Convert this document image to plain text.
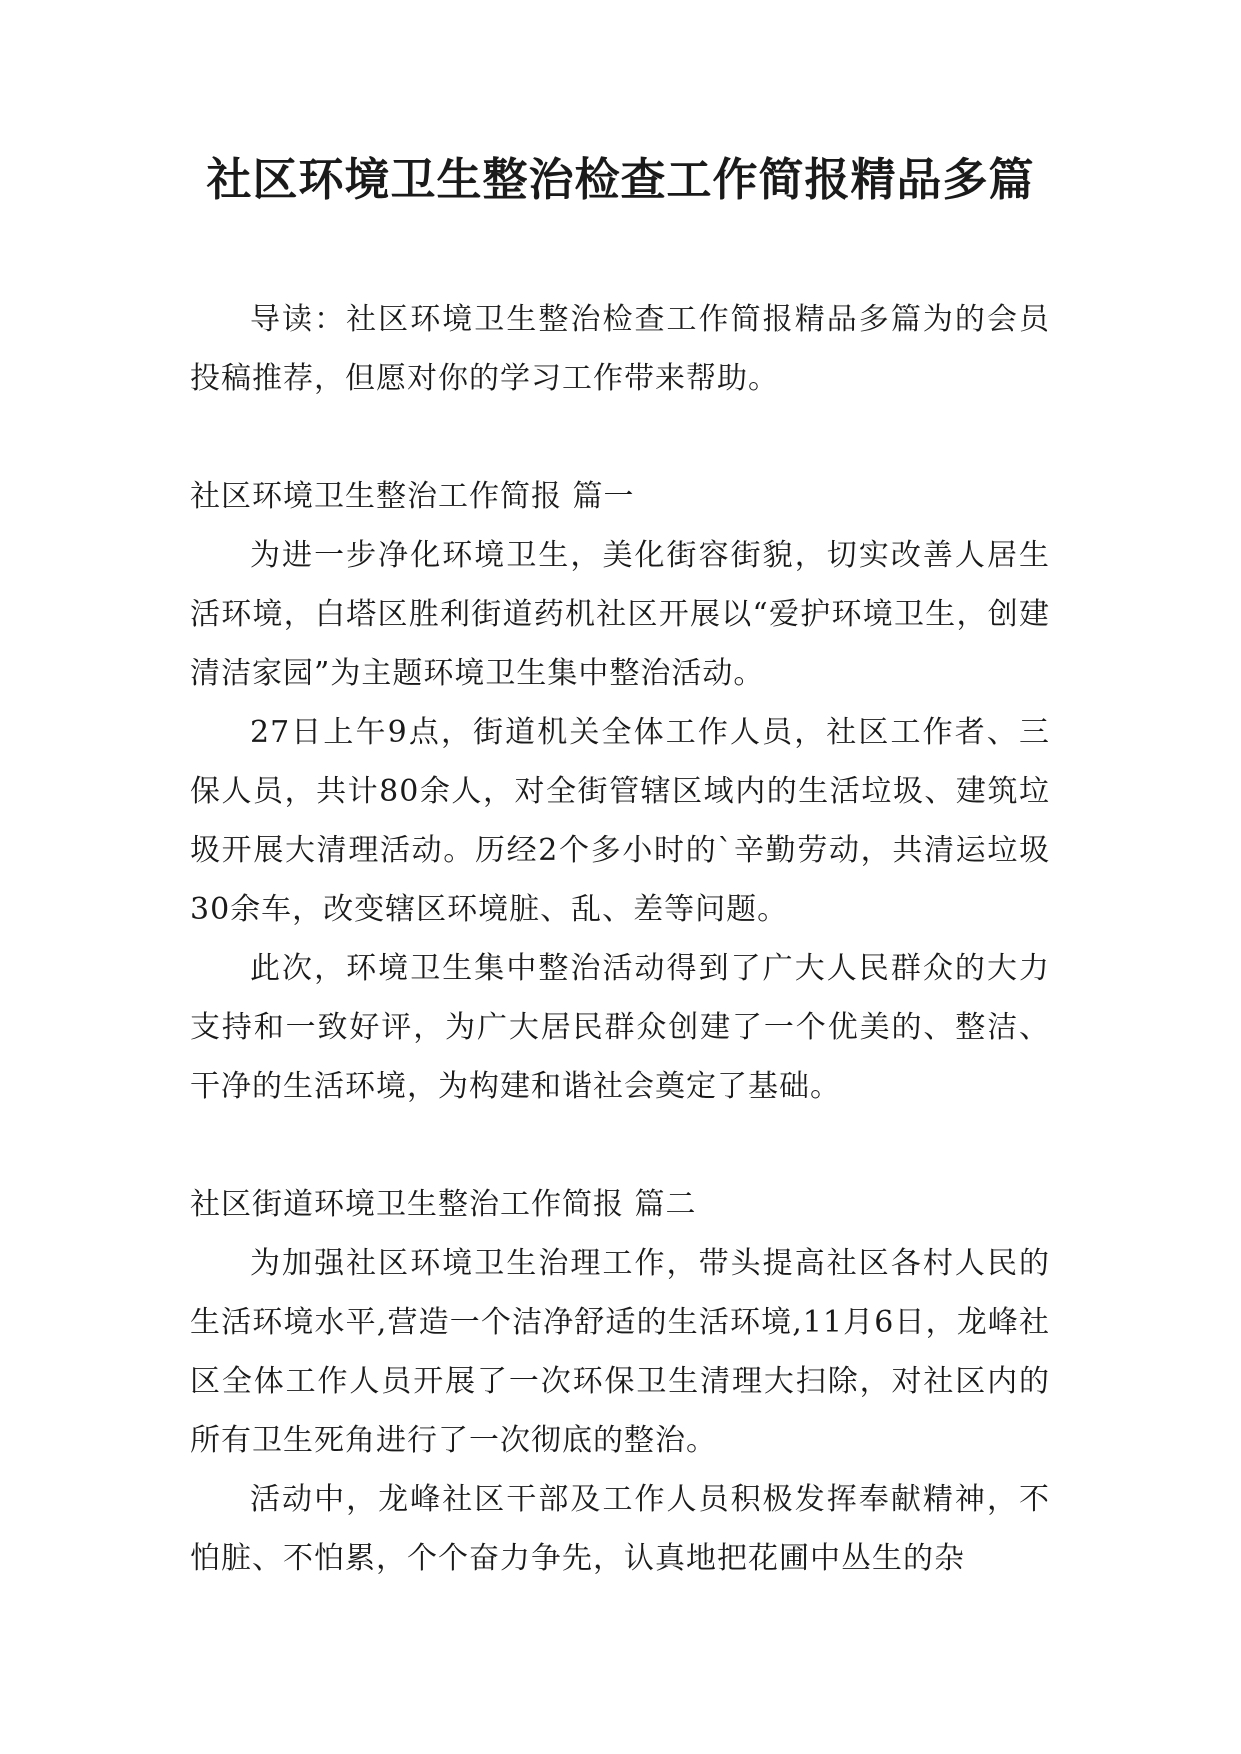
社区环境卫生整治检查工作简报精品多篇

导读：社区环境卫生整治检查工作简报精品多篇为的会员投稿推荐，但愿对你的学习工作带来帮助。

社区环境卫生整治工作简报 篇一

为进一步净化环境卫生，美化街容街貌，切实改善人居生活环境，白塔区胜利街道药机社区开展以“爱护环境卫生，创建清洁家园”为主题环境卫生集中整治活动。

27日上午9点，街道机关全体工作人员，社区工作者、三保人员，共计80余人，对全街管辖区域内的生活垃圾、建筑垃圾开展大清理活动。历经2个多小时的`辛勤劳动，共清运垃圾30余车，改变辖区环境脏、乱、差等问题。

此次，环境卫生集中整治活动得到了广大人民群众的大力支持和一致好评，为广大居民群众创建了一个优美的、整洁、干净的生活环境，为构建和谐社会奠定了基础。

社区街道环境卫生整治工作简报 篇二

为加强社区环境卫生治理工作，带头提高社区各村人民的生活环境水平,营造一个洁净舒适的生活环境,11月6日，龙峰社区全体工作人员开展了一次环保卫生清理大扫除，对社区内的所有卫生死角进行了一次彻底的整治。

活动中，龙峰社区干部及工作人员积极发挥奉献精神，不怕脏、不怕累，个个奋力争先，认真地把花圃中丛生的杂
